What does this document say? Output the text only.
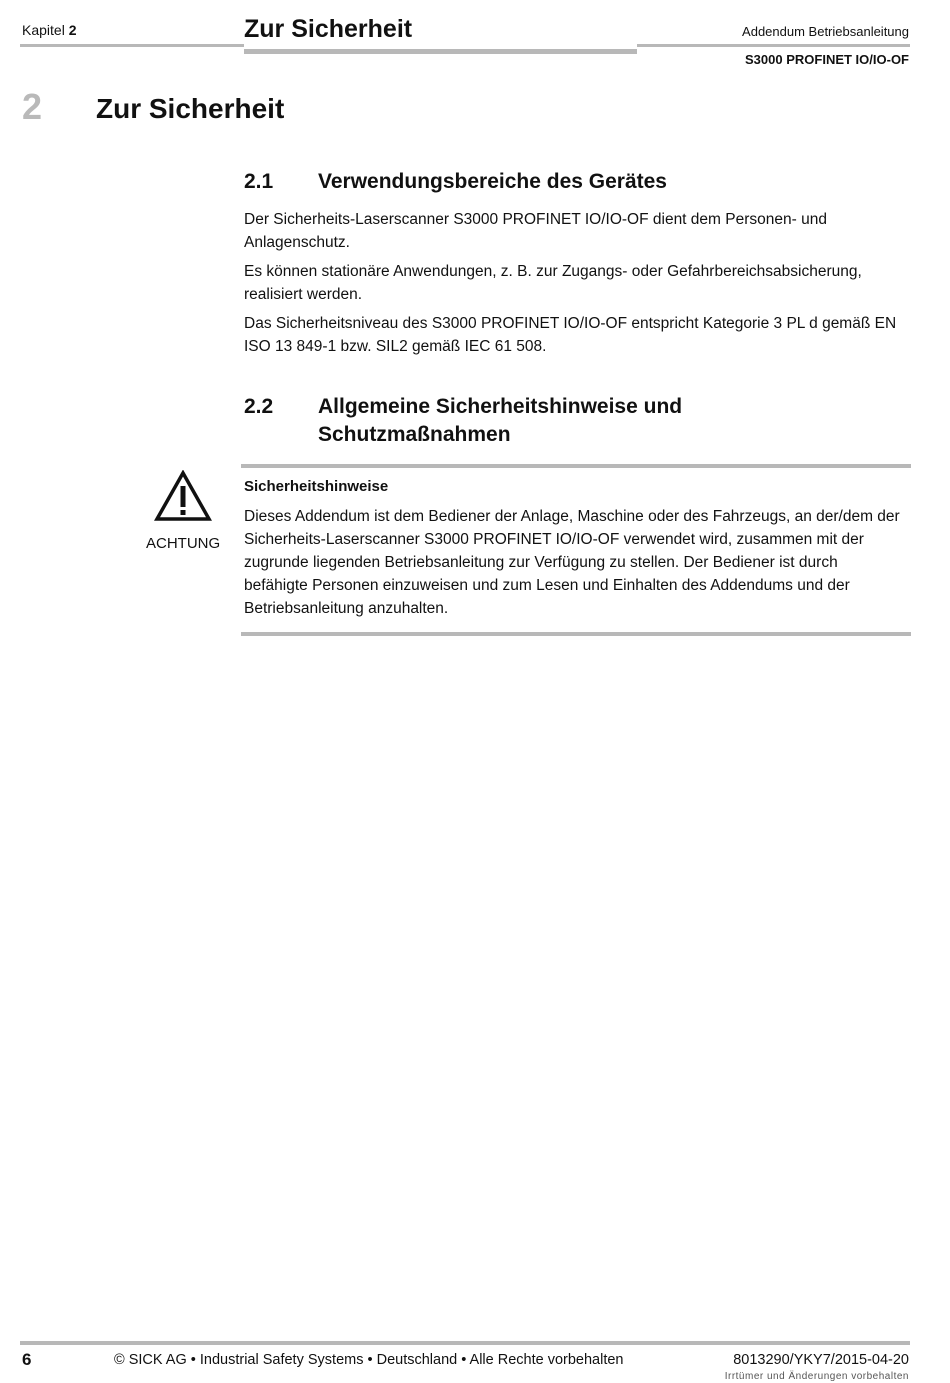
Kapitel 2	Zur Sicherheit	Addendum Betriebsanleitung
S3000 PROFINET IO/IO-OF
2 Zur Sicherheit
2.1 Verwendungsbereiche des Gerätes
Der Sicherheits-Laserscanner S3000 PROFINET IO/IO-OF dient dem Personen- und Anlagenschutz.
Es können stationäre Anwendungen, z. B. zur Zugangs- oder Gefahrbereichsabsicherung, realisiert werden.
Das Sicherheitsniveau des S3000 PROFINET IO/IO-OF entspricht Kategorie 3 PL d gemäß EN ISO 13 849-1 bzw. SIL2 gemäß IEC 61 508.
2.2 Allgemeine Sicherheitshinweise und
Schutzmaßnahmen
ACHTUNG
Sicherheitshinweise
Dieses Addendum ist dem Bediener der Anlage, Maschine oder des Fahrzeugs, an der/dem der Sicherheits-Laserscanner S3000 PROFINET IO/IO-OF verwendet wird, zusammen mit der zugrunde liegenden Betriebsanleitung zur Verfügung zu stellen. Der Bediener ist durch befähigte Personen einzuweisen und zum Lesen und Einhalten des Addendums und der Betriebsanleitung anzuhalten.
6	© SICK AG • Industrial Safety Systems • Deutschland • Alle Rechte vorbehalten	8013290/YKY7/2015-04-20
Irrtümer und Änderungen vorbehalten
